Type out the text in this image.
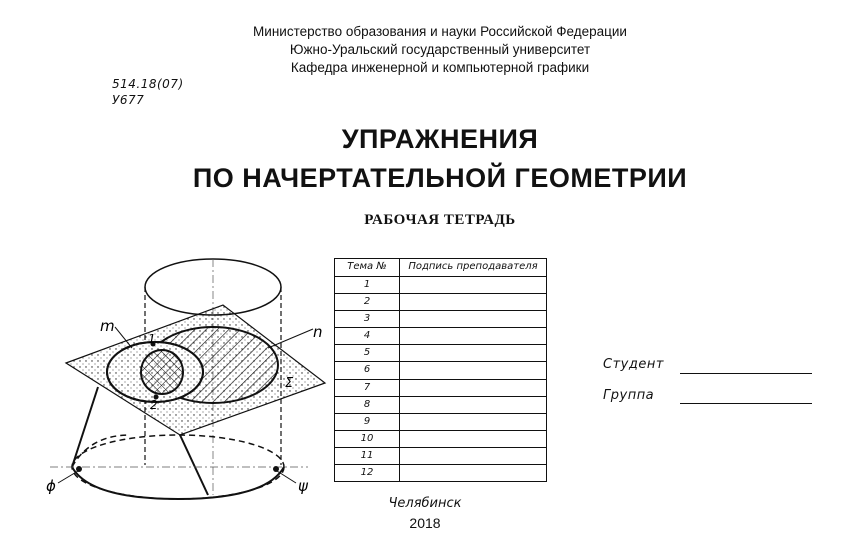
Министерство образования и науки Российской Федерации
Южно-Уральский государственный университет
Кафедра инженерной и компьютерной графики
514.18(07)
У677
УПРАЖНЕНИЯ
ПО НАЧЕРТАТЕЛЬНОЙ ГЕОМЕТРИИ
РАБОЧАЯ ТЕТРАДЬ
m	n
1
2
Σ
ϕ	ψ
Тема №	Подпись преподавателя
1
2
3
4
5
6
7
8
9
10
11
12
Студент
Группа
Челябинск
2018
